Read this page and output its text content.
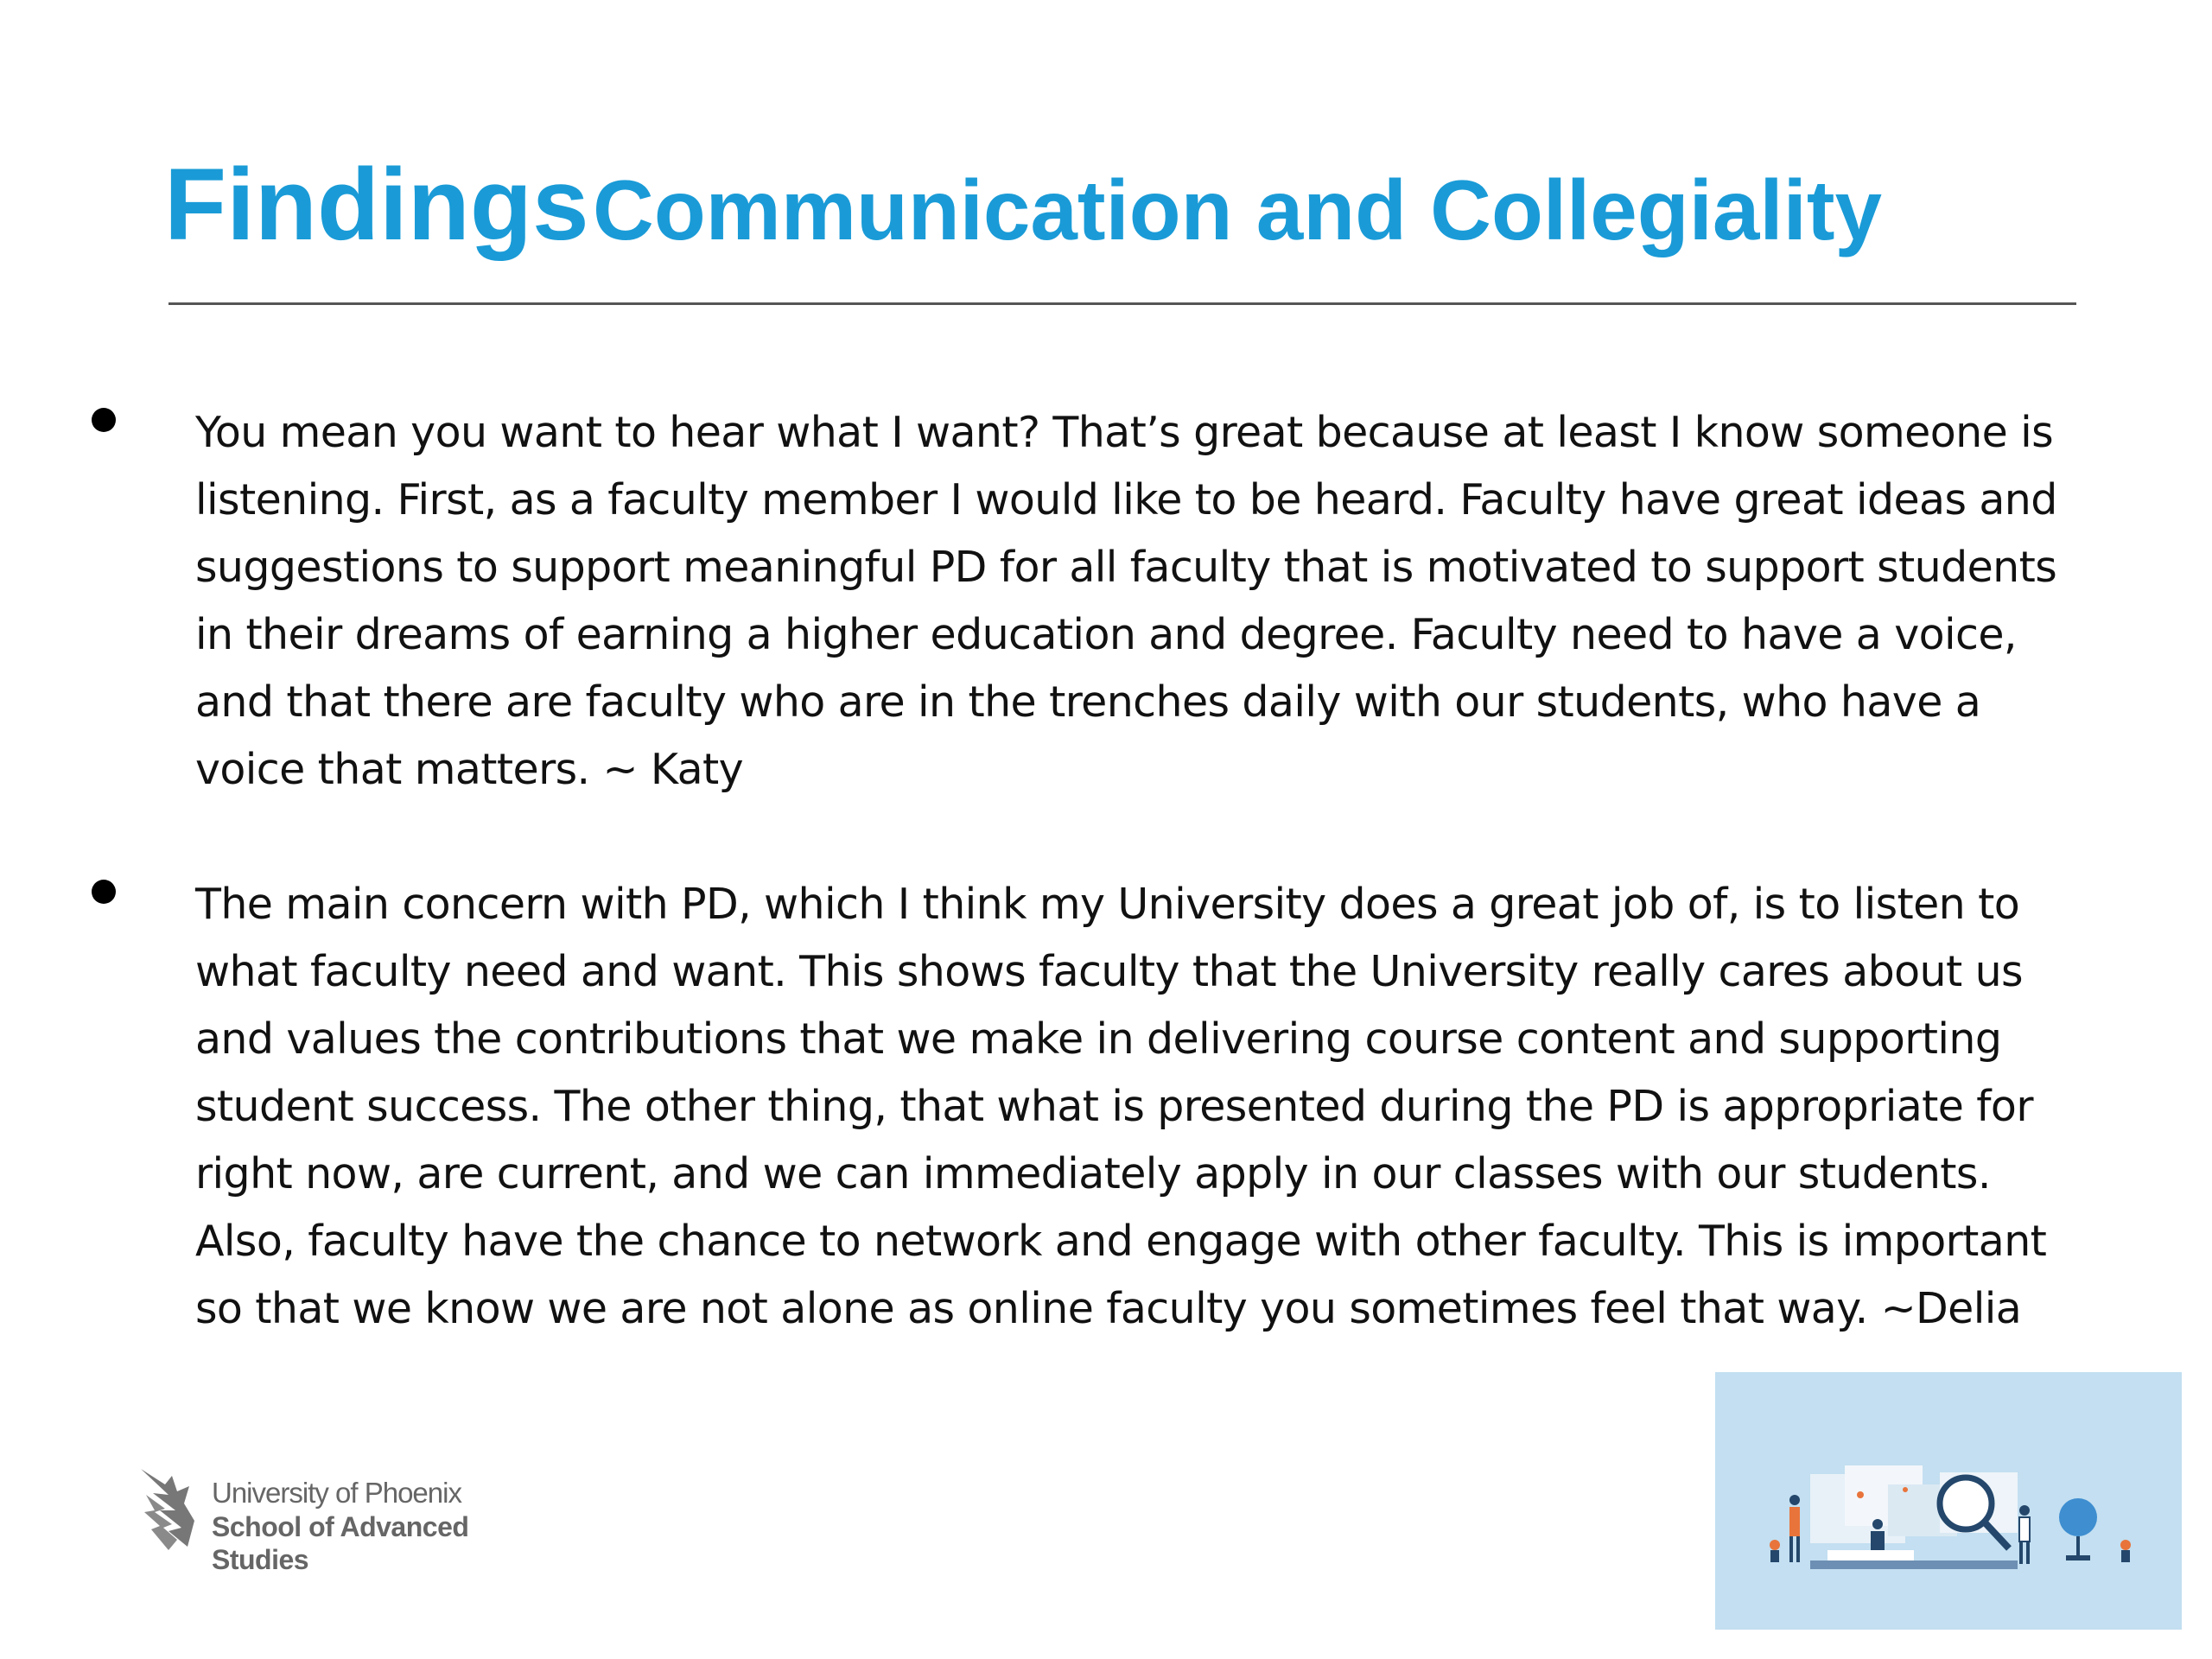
Findings Communication and Collegiality
You mean you want to hear what I want? That’s great because at least I know someone is listening. First, as a faculty member I would like to be heard. Faculty have great ideas and suggestions to support meaningful PD for all faculty that is motivated to support students in their dreams of earning a higher education and degree. Faculty need to have a voice, and that there are faculty who are in the trenches daily with our students, who have a voice that matters. ~ Katy
The main concern with PD, which I think my University does a great job of, is to listen to what faculty need and want. This shows faculty that the University really cares about us and values the contributions that we make in delivering course content and supporting student success. The other thing, that what is presented during the PD is appropriate for right now, are current, and we can immediately apply in our classes with our students. Also, faculty have the chance to network and engage with other faculty. This is important so that we know we are not alone as online faculty you sometimes feel that way. ~Delia
University of Phoenix
School of Advanced
Studies
